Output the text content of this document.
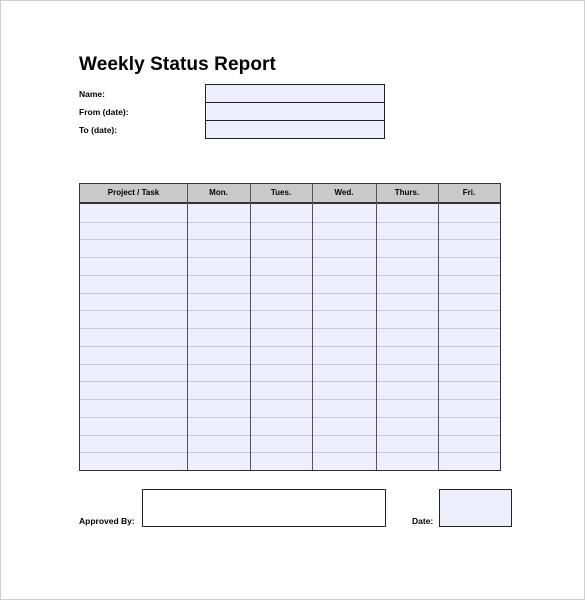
Weekly Status Report
Name:
From (date):
To (date):
Project / Task	Mon.	Tues.	Wed.	Thurs.	Fri.
Approved By:	Date:
